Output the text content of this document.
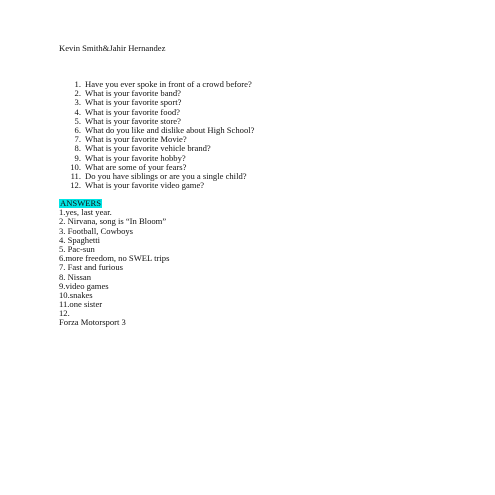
Kevin Smith&Jahir Hernandez
1. Have you ever spoke in front of a crowd before?
2. What is your favorite band?
3. What is your favorite sport?
4. What is your favorite food?
5. What is your favorite store?
6. What do you like and dislike about High School?
7. What is your favorite Movie?
8. What is your favorite vehicle brand?
9. What is your favorite hobby?
10. What are some of your fears?
11. Do you have siblings or are you a single child?
12. What is your favorite video game?
ANSWERS
1.yes, last year.
2. Nirvana, song is “In Bloom”
3. Football, Cowboys
4. Spaghetti
5. Pac-sun
6.more freedom, no SWEL trips
7. Fast and furious
8. Nissan
9.video games
10.snakes
11.one sister
12.
Forza Motorsport 3
